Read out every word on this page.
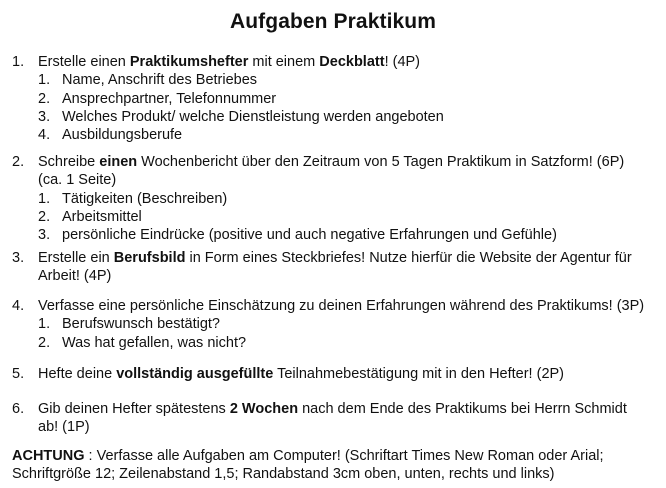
Aufgaben Praktikum
1. Erstelle einen Praktikumshefter mit einem Deckblatt! (4P)
1. Name, Anschrift des Betriebes
2. Ansprechpartner, Telefonnummer
3. Welches Produkt/ welche Dienstleistung werden angeboten
4. Ausbildungsberufe
2. Schreibe einen Wochenbericht über den Zeitraum von 5 Tagen Praktikum in Satzform! (6P)
(ca. 1 Seite)
1. Tätigkeiten (Beschreiben)
2. Arbeitsmittel
3. persönliche Eindrücke (positive und auch negative Erfahrungen und Gefühle)
3. Erstelle ein Berufsbild in Form eines Steckbriefes! Nutze hierfür die Website der Agentur für
Arbeit! (4P)
4. Verfasse eine persönliche Einschätzung zu deinen Erfahrungen während des Praktikums! (3P)
1. Berufswunsch bestätigt?
2. Was hat gefallen, was nicht?
5. Hefte deine vollständig ausgefüllte Teilnahmebestätigung mit in den Hefter! (2P)
6. Gib deinen Hefter spätestens 2 Wochen nach dem Ende des Praktikums bei Herrn Schmidt
ab! (1P)
ACHTUNG : Verfasse alle Aufgaben am Computer! (Schriftart Times New Roman oder Arial; Schriftgröße 12; Zeilenabstand 1,5; Randabstand 3cm oben, unten, rechts und links)
